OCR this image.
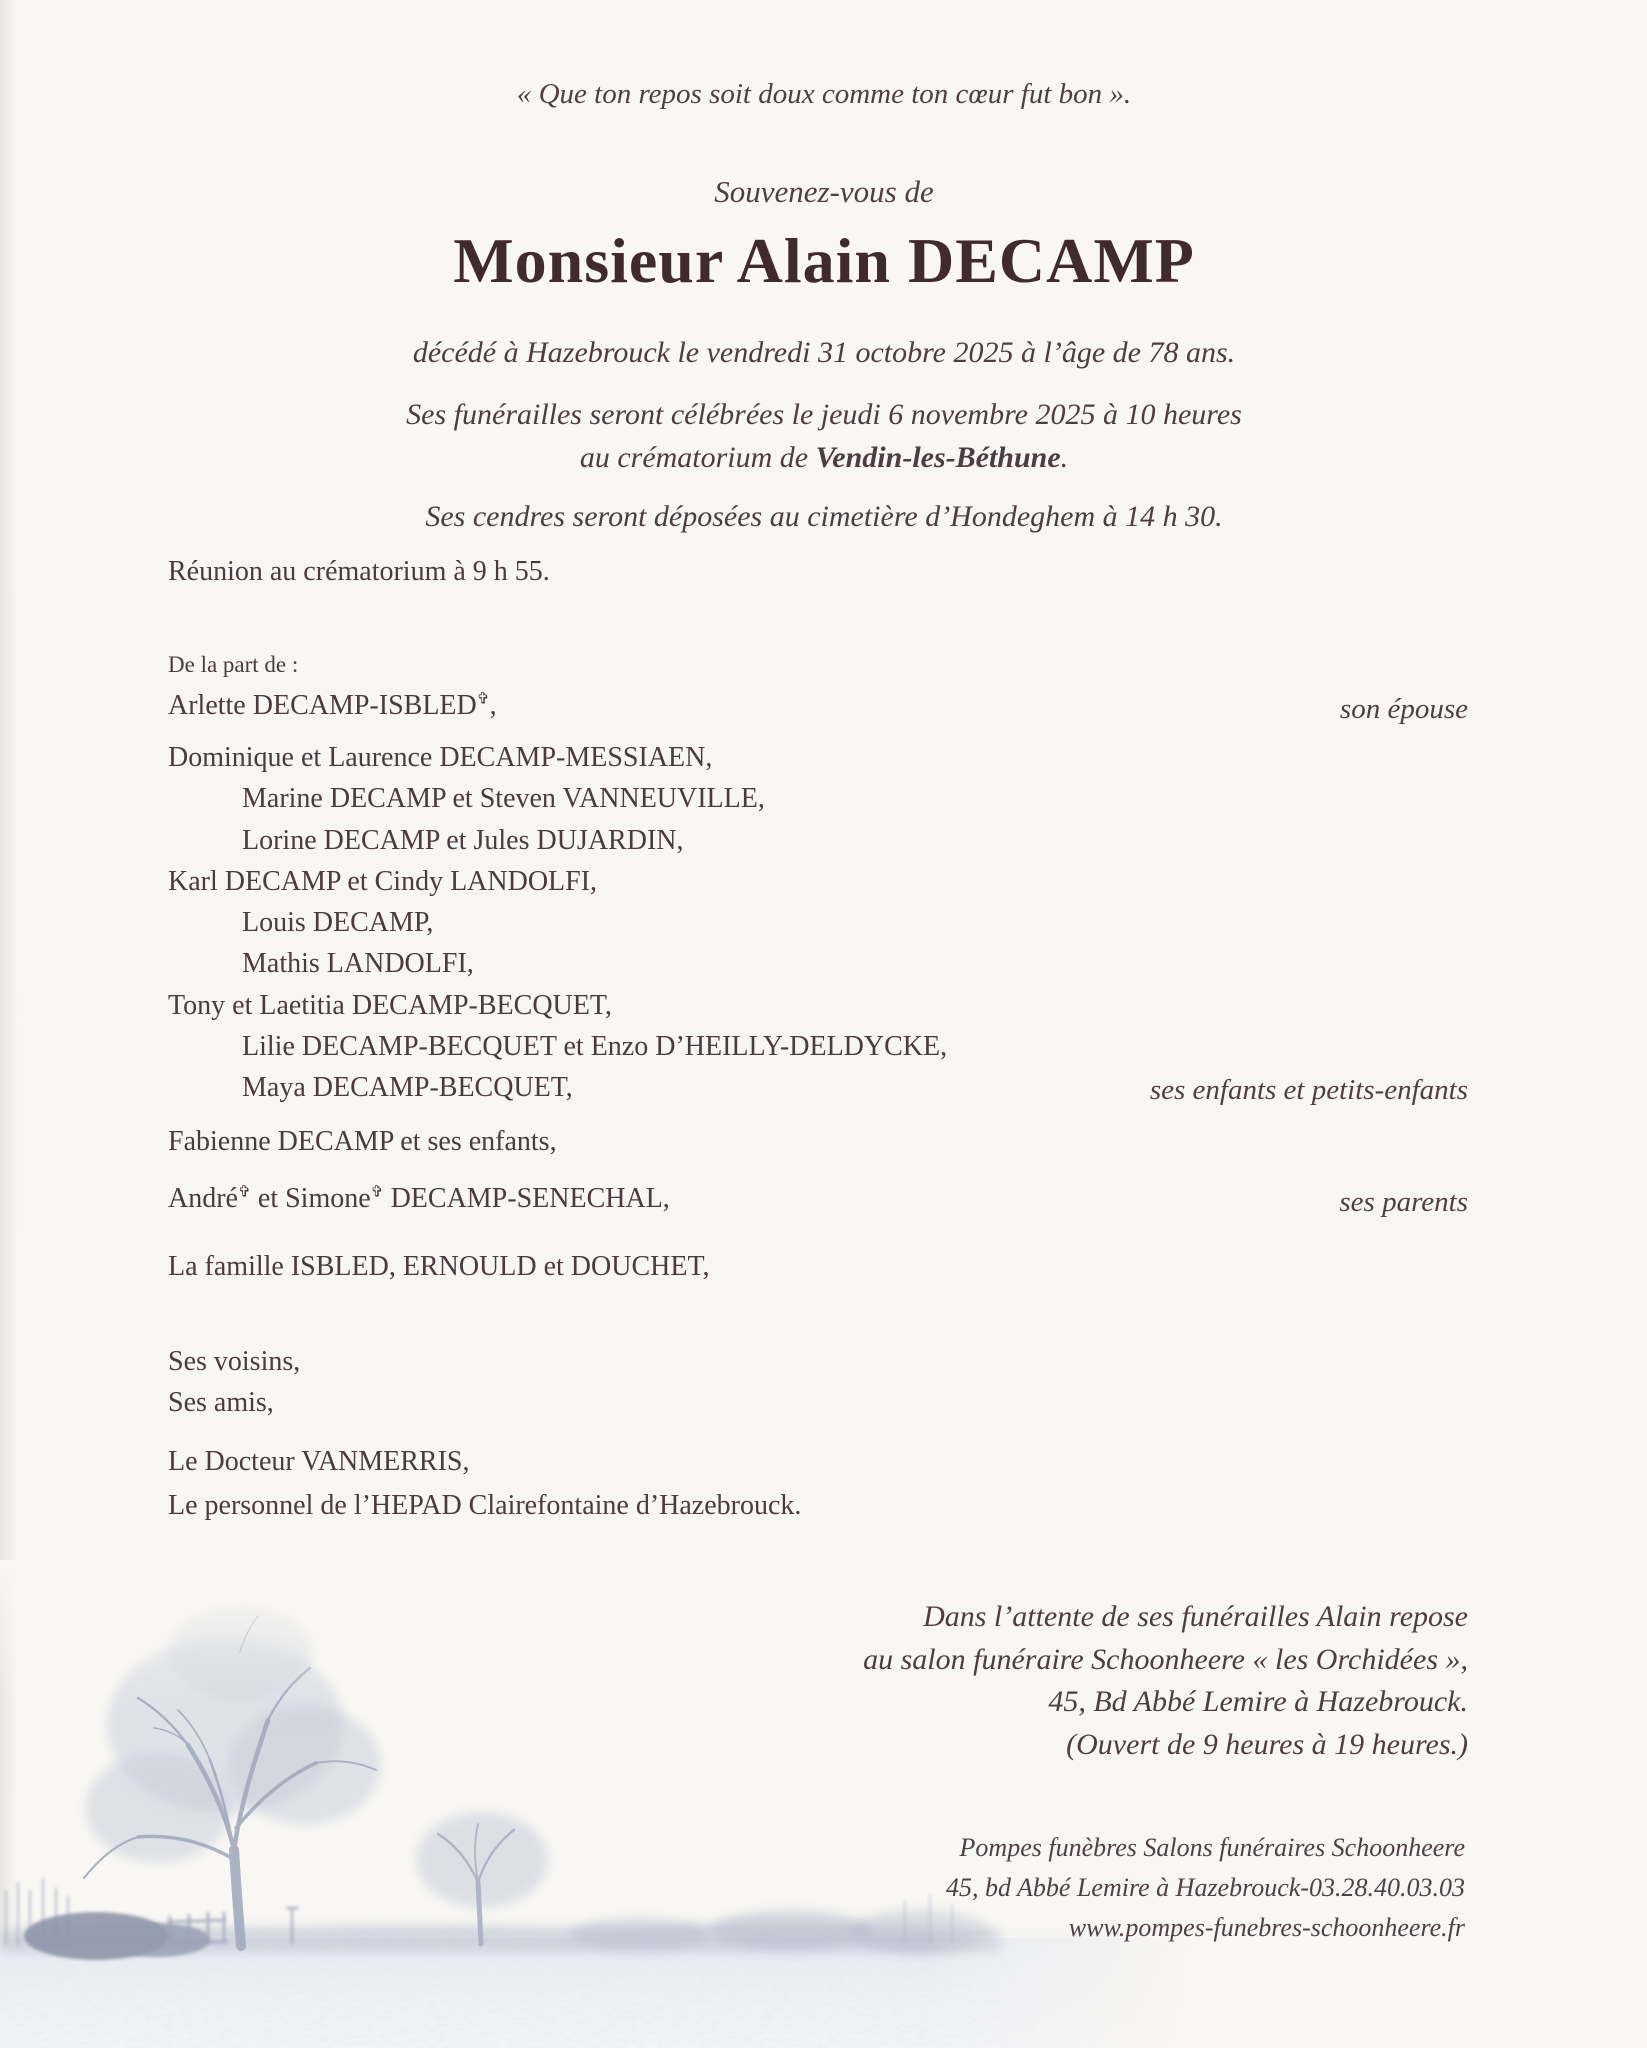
« Que ton repos soit doux comme ton cœur fut bon ».
Souvenez-vous de
Monsieur Alain DECAMP
décédé à Hazebrouck le vendredi 31 octobre 2025 à l’âge de 78 ans.
Ses funérailles seront célébrées le jeudi 6 novembre 2025 à 10 heures
au crématorium de Vendin-les-Béthune.
Ses cendres seront déposées au cimetière d’Hondeghem à 14 h 30.
Réunion au crématorium à 9 h 55.
De la part de :
Arlette DECAMP-ISBLED✞,	son épouse
Dominique et Laurence DECAMP-MESSIAEN,
Marine DECAMP et Steven VANNEUVILLE,
Lorine DECAMP et Jules DUJARDIN,
Karl DECAMP et Cindy LANDOLFI,
Louis DECAMP,
Mathis LANDOLFI,
Tony et Laetitia DECAMP-BECQUET,
Lilie DECAMP-BECQUET et Enzo D’HEILLY-DELDYCKE,
Maya DECAMP-BECQUET,	ses enfants et petits-enfants
Fabienne DECAMP et ses enfants,
André✞ et Simone✞ DECAMP-SENECHAL,	ses parents
La famille ISBLED, ERNOULD et DOUCHET,
Ses voisins,
Ses amis,
Le Docteur VANMERRIS,
Le personnel de l’HEPAD Clairefontaine d’Hazebrouck.
Dans l’attente de ses funérailles Alain repose
au salon funéraire Schoonheere « les Orchidées »,
45, Bd Abbé Lemire à Hazebrouck.
(Ouvert de 9 heures à 19 heures.)
Pompes funèbres Salons funéraires Schoonheere
45, bd Abbé Lemire à Hazebrouck-03.28.40.03.03
www.pompes-funebres-schoonheere.fr
